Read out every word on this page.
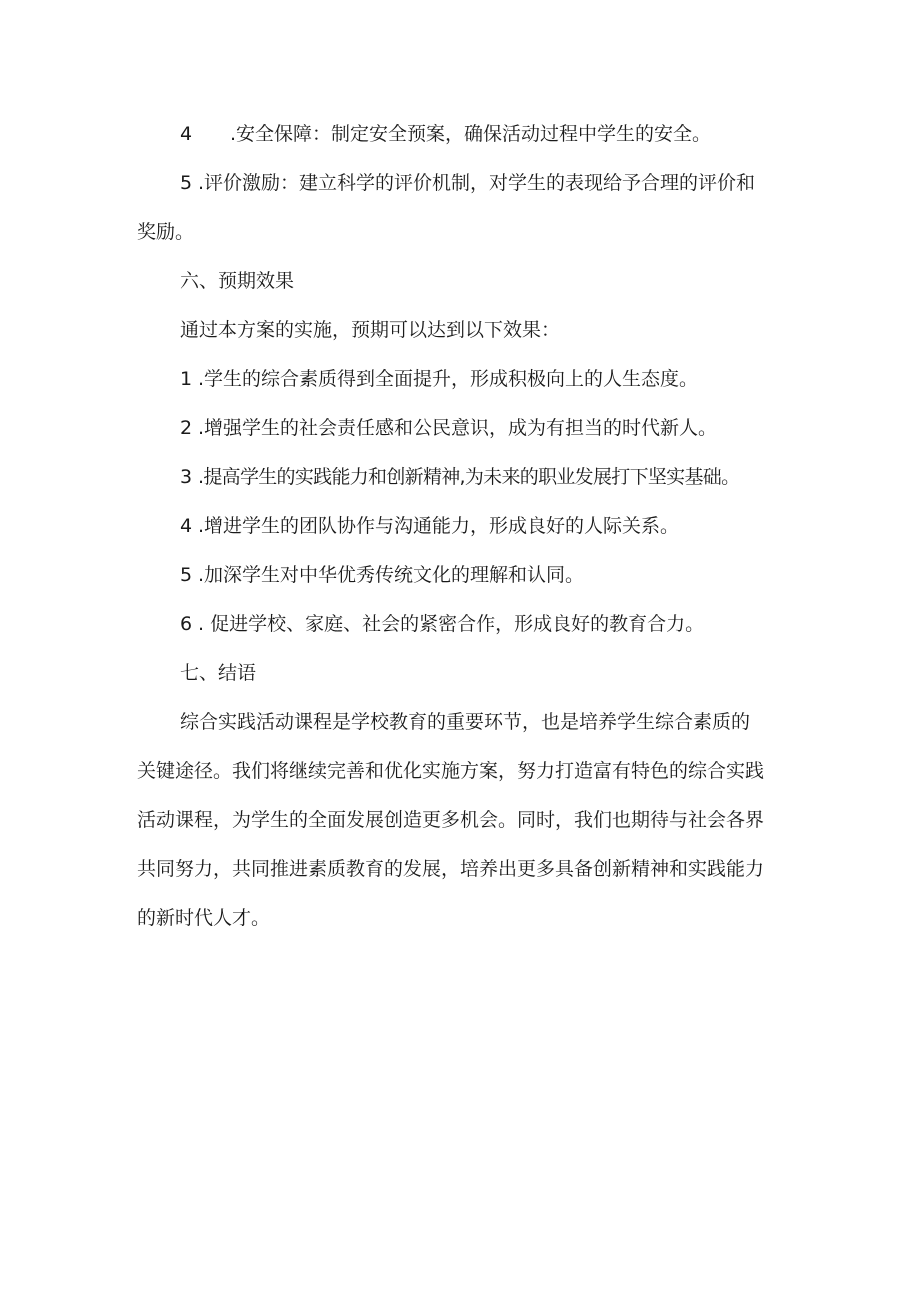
4 .安全保障：制定安全预案，确保活动过程中学生的安全。
5 .评价激励：建立科学的评价机制，对学生的表现给予合理的评价和
奖励。
六、预期效果
通过本方案的实施，预期可以达到以下效果：
1 .学生的综合素质得到全面提升，形成积极向上的人生态度。
2 .增强学生的社会责任感和公民意识，成为有担当的时代新人。
3 .提高学生的实践能力和创新精神,为未来的职业发展打下坚实基础。
4 .增进学生的团队协作与沟通能力，形成良好的人际关系。
5 .加深学生对中华优秀传统文化的理解和认同。
6 . 促进学校、家庭、社会的紧密合作，形成良好的教育合力。
七、结语
综合实践活动课程是学校教育的重要环节，也是培养学生综合素质的
关键途径。我们将继续完善和优化实施方案，努力打造富有特色的综合实践
活动课程，为学生的全面发展创造更多机会。同时，我们也期待与社会各界
共同努力，共同推进素质教育的发展，培养出更多具备创新精神和实践能力
的新时代人才。
